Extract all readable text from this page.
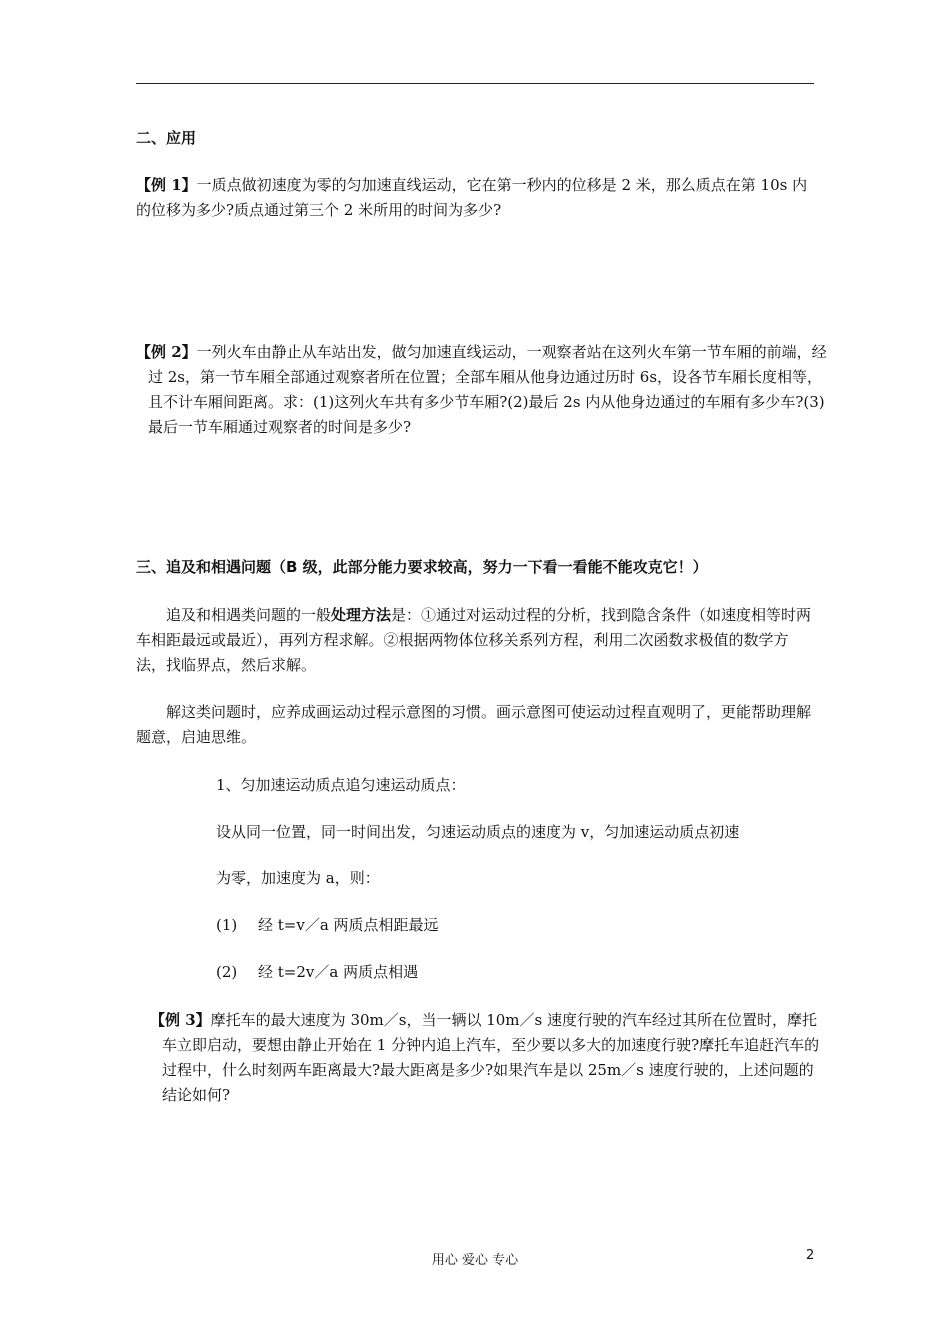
二、应用
【例 1】一质点做初速度为零的匀加速直线运动，它在第一秒内的位移是 2 米，那么质点在第 10s 内的位移为多少?质点通过第三个 2 米所用的时间为多少?
【例 2】一列火车由静止从车站出发，做匀加速直线运动，一观察者站在这列火车第一节车厢的前端，经过 2s，第一节车厢全部通过观察者所在位置；全部车厢从他身边通过历时 6s，设各节车厢长度相等，且不计车厢间距离。求：(1)这列火车共有多少节车厢?(2)最后 2s 内从他身边通过的车厢有多少车?(3)最后一节车厢通过观察者的时间是多少?
三、追及和相遇问题（B 级，此部分能力要求较高，努力一下看一看能不能攻克它！）
追及和相遇类问题的一般处理方法是：①通过对运动过程的分析，找到隐含条件（如速度相等时两车相距最远或最近），再列方程求解。②根据两物体位移关系列方程，利用二次函数求极值的数学方法，找临界点，然后求解。
解这类问题时，应养成画运动过程示意图的习惯。画示意图可使运动过程直观明了，更能帮助理解题意，启迪思维。
1、匀加速运动质点追匀速运动质点：
设从同一位置，同一时间出发，匀速运动质点的速度为 v，匀加速运动质点初速
为零，加速度为 a，则：
(1) 经 t=v／a 两质点相距最远
(2) 经 t=2v／a 两质点相遇
【例 3】摩托车的最大速度为 30m／s，当一辆以 10m／s 速度行驶的汽车经过其所在位置时，摩托车立即启动，要想由静止开始在 1 分钟内追上汽车，至少要以多大的加速度行驶?摩托车追赶汽车的过程中，什么时刻两车距离最大?最大距离是多少?如果汽车是以 25m／s 速度行驶的，上述问题的结论如何?
用心 爱心 专心	2
